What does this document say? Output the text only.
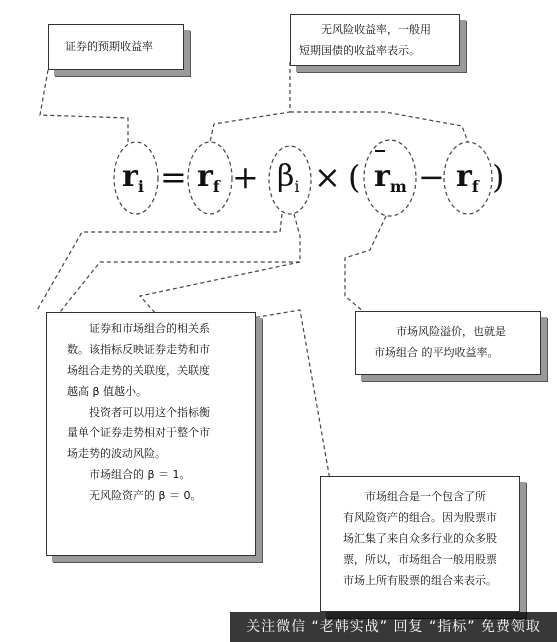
证券的预期收益率

无风险收益率，一般用

短期国债的收益率表示。

证券和市场组合的相关系

数。该指标反映证券走势和市

场组合走势的关联度，关联度

越高 β 值越小。

投资者可以用这个指标衡

量单个证券走势相对于整个市

场走势的波动风险。

市场组合的 β ＝ 1。

无风险资产的 β ＝ 0。

市场风险溢价，也就是

市场组合 的平均收益率。

市场组合是一个包含了所

有风险资产的组合。因为股票市

场汇集了来自众多行业的众多股

票，所以，市场组合一般用股票

市场上所有股票的组合来表示。

$r_i = r_f + \beta_i$ × ( $r_m - r_f$ )
关注微信 “老韩实战” 回复 “指标” 免费领取
